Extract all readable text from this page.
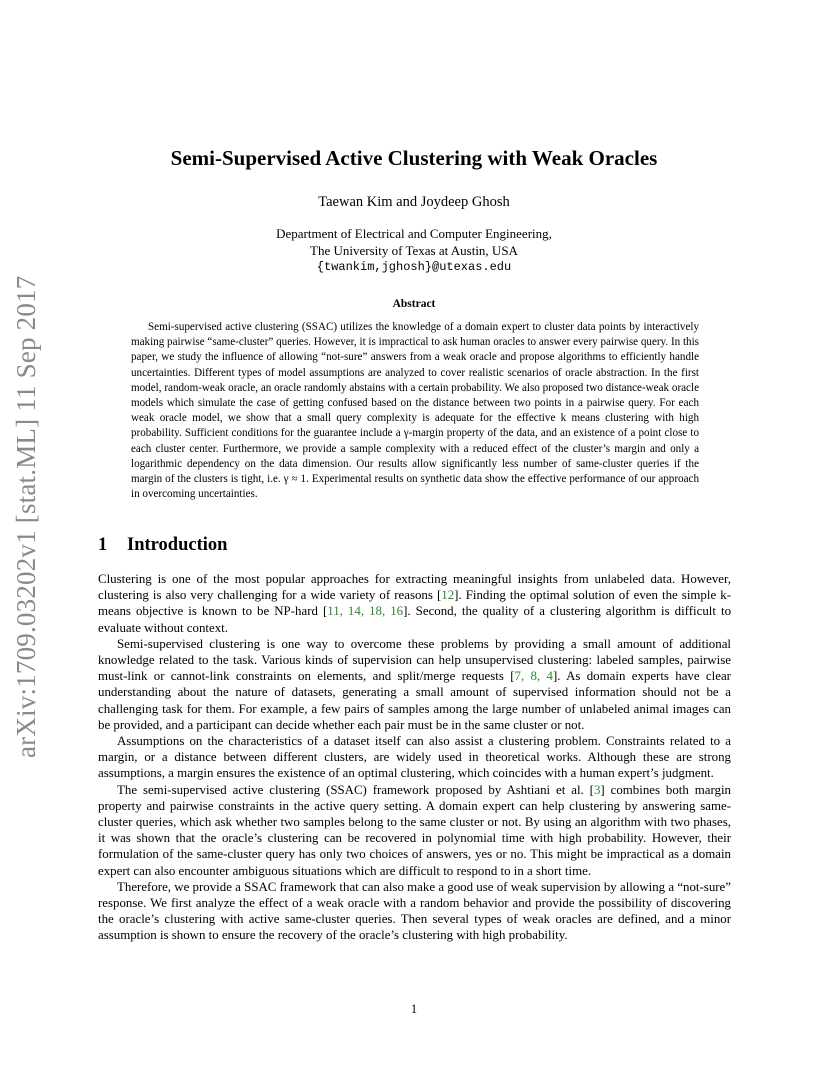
arXiv:1709.03202v1 [stat.ML] 11 Sep 2017
Semi-Supervised Active Clustering with Weak Oracles
Taewan Kim and Joydeep Ghosh
Department of Electrical and Computer Engineering,
The University of Texas at Austin, USA
{twankim,jghosh}@utexas.edu
Abstract
Semi-supervised active clustering (SSAC) utilizes the knowledge of a domain expert to cluster data points by interactively making pairwise “same-cluster” queries. However, it is impractical to ask human oracles to answer every pairwise query. In this paper, we study the influence of allowing “not-sure” answers from a weak oracle and propose algorithms to efficiently handle uncertainties. Different types of model assumptions are analyzed to cover realistic scenarios of oracle abstraction. In the first model, random-weak oracle, an oracle randomly abstains with a certain probability. We also proposed two distance-weak oracle models which simulate the case of getting confused based on the distance between two points in a pairwise query. For each weak oracle model, we show that a small query complexity is adequate for the effective k means clustering with high probability. Sufficient conditions for the guarantee include a γ-margin property of the data, and an existence of a point close to each cluster center. Furthermore, we provide a sample complexity with a reduced effect of the cluster’s margin and only a logarithmic dependency on the data dimension. Our results allow significantly less number of same-cluster queries if the margin of the clusters is tight, i.e. γ ≈ 1. Experimental results on synthetic data show the effective performance of our approach in overcoming uncertainties.
1 Introduction

Clustering is one of the most popular approaches for extracting meaningful insights from unlabeled data. However, clustering is also very challenging for a wide variety of reasons [12]. Finding the optimal solution of even the simple k-means objective is known to be NP-hard [11, 14, 18, 16]. Second, the quality of a clustering algorithm is difficult to evaluate without context.

Semi-supervised clustering is one way to overcome these problems by providing a small amount of additional knowledge related to the task. Various kinds of supervision can help unsupervised clustering: labeled samples, pairwise must-link or cannot-link constraints on elements, and split/merge requests [7, 8, 4]. As domain experts have clear understanding about the nature of datasets, generating a small amount of supervised information should not be a challenging task for them. For example, a few pairs of samples among the large number of unlabeled animal images can be provided, and a participant can decide whether each pair must be in the same cluster or not.

Assumptions on the characteristics of a dataset itself can also assist a clustering problem. Constraints related to a margin, or a distance between different clusters, are widely used in theoretical works. Although these are strong assumptions, a margin ensures the existence of an optimal clustering, which coincides with a human expert’s judgment.

The semi-supervised active clustering (SSAC) framework proposed by Ashtiani et al. [3] combines both margin property and pairwise constraints in the active query setting. A domain expert can help clustering by answering same-cluster queries, which ask whether two samples belong to the same cluster or not. By using an algorithm with two phases, it was shown that the oracle’s clustering can be recovered in polynomial time with high probability. However, their formulation of the same-cluster query has only two choices of answers, yes or no. This might be impractical as a domain expert can also encounter ambiguous situations which are difficult to respond to in a short time.

Therefore, we provide a SSAC framework that can also make a good use of weak supervision by allowing a “not-sure” response. We first analyze the effect of a weak oracle with a random behavior and provide the possibility of discovering the oracle’s clustering with active same-cluster queries. Then several types of weak oracles are defined, and a minor assumption is shown to ensure the recovery of the oracle’s clustering with high probability.

1
